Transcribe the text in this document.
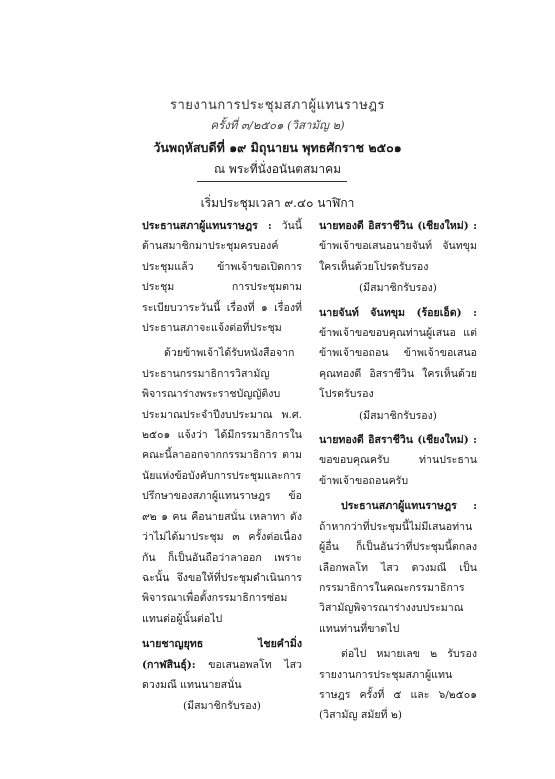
รายงานการประชุมสภาผู้แทนราษฎร
ครั้งที่ ๓/๒๕๐๑ (วิสามัญ ๒)
วันพฤหัสบดีที่ ๑๙ มิถุนายน พุทธศักราช ๒๕๐๑
ณ พระที่นั่งอนันตสมาคม
เริ่มประชุมเวลา ๙.๔๐ นาฬิกา

ประธานสภาผู้แทนราษฎร : วันนี้ ด้านสมาชิกมาประชุมครบองค์ประชุมแล้ว ข้าพเจ้าขอเปิดการประชุม การประชุมตามระเบียบวาระวันนี้ เรื่องที่ ๑ เรื่องที่ประธานสภาจะแจ้งต่อที่ประชุม

ด้วยข้าพเจ้าได้รับหนังสือจากประธานกรรมาธิการวิสามัญพิจารณาร่างพระราชบัญญัติงบประมาณประจำปีงบประมาณ พ.ศ. ๒๕๐๑ แจ้งว่า ได้มีกรรมาธิการในคณะนี้ลาออกจากกรรมาธิการ ตามนัยแห่งข้อบังคับการประชุมและการปรึกษาของสภาผู้แทนราษฎร ข้อ ๙๒ ๑ คน คือนายสนั่น เหลาทา ดังว่าไม่ได้มาประชุม ๓ ครั้งต่อเนื่องกัน ก็เป็นอันถือว่าลาออก เพราะฉะนั้น จึงขอให้ที่ประชุมดำเนินการพิจารณาเพื่อตั้งกรรมาธิการซ่อมแทนต่อผู้นั้นต่อไป

นายชาญยุทธ ไชยคำมิ่ง (กาฬสินธุ์): ขอเสนอพลโท ไสว ดวงมณี แทนนายสนั่น
(มีสมาชิกรับรอง)

นายทองดี อิสราชีวิน (เชียงใหม่) : ข้าพเจ้าขอเสนอนายจันท์ จันทขุม ใครเห็นด้วยโปรดรับรอง
(มีสมาชิกรับรอง)

นายจันท์ จันทขุม (ร้อยเอ็ด) : ข้าพเจ้าขอขอบคุณท่านผู้เสนอ แต่ข้าพเจ้าขอถอน ข้าพเจ้าขอเสนอคุณทองดี อิสราชีวิน ใครเห็นด้วยโปรดรับรอง
(มีสมาชิกรับรอง)

นายทองดี อิสราชีวิน (เชียงใหม่) : ขอขอบคุณครับ ท่านประธาน ข้าพเจ้าขอถอนครับ

ประธานสภาผู้แทนราษฎร : ถ้าหากว่าที่ประชุมนี้ไม่มีเสนอท่านผู้อื่น ก็เป็นอันว่าที่ประชุมนี้ตกลงเลือกพลโท ไสว ดวงมณี เป็นกรรมาธิการในคณะกรรมาธิการวิสามัญพิจารณาร่างงบประมาณแทนท่านที่ขาดไป

ต่อไป หมายเลข ๒ รับรองรายงานการประชุมสภาผู้แทนราษฎร ครั้งที่ ๕ และ ๖/๒๕๐๑ (วิสามัญ สมัยที่ ๒)
